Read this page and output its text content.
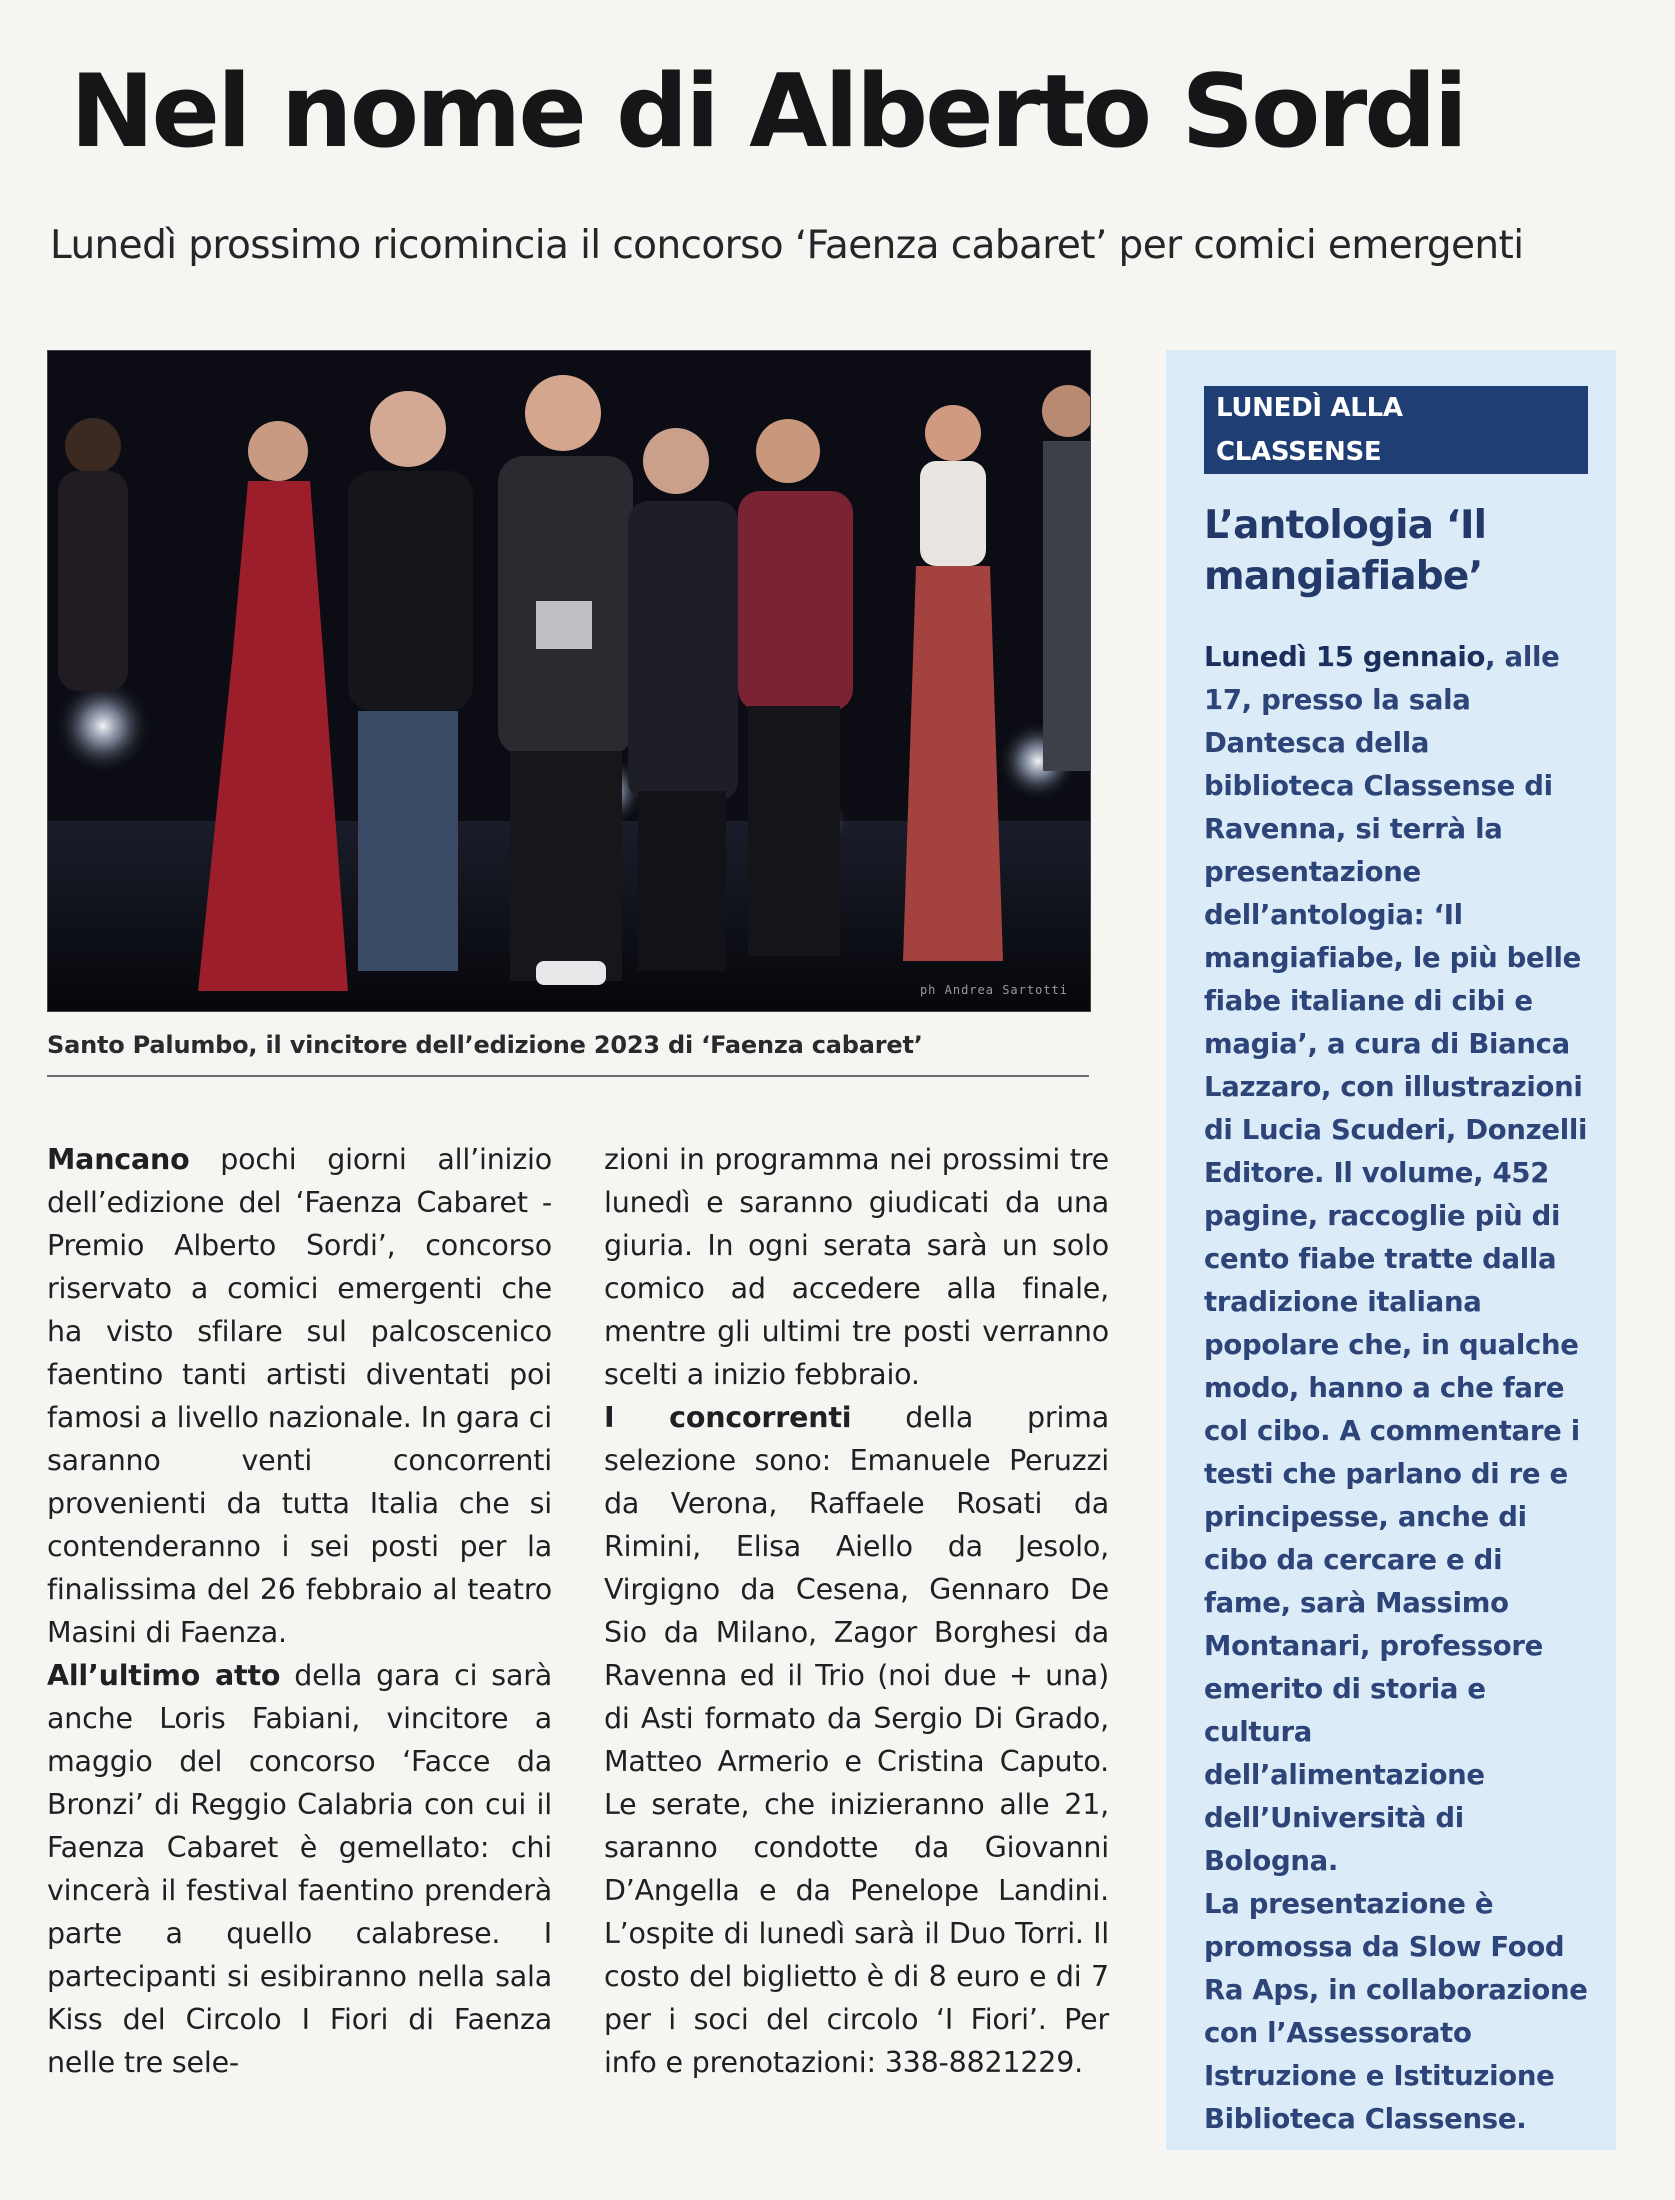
Nel nome di Alberto Sordi
Lunedì prossimo ricomincia il concorso ‘Faenza cabaret’ per comici emergenti
ph Andrea Sartotti

Santo Palumbo, il vincitore dell’edizione 2023 di ‘Faenza cabaret’

Mancano pochi giorni all’inizio dell’edizione del ‘Faenza Cabaret - Premio Alberto Sordi’, concorso riservato a comici emergenti che ha visto sfilare sul palcoscenico faentino tanti artisti diventati poi famosi a livello nazionale. In gara ci saranno venti concorrenti provenienti da tutta Italia che si contenderanno i sei posti per la finalissima del 26 febbraio al teatro Masini di Faenza.

All’ultimo atto della gara ci sarà anche Loris Fabiani, vincitore a maggio del concorso ‘Facce da Bronzi’ di Reggio Calabria con cui il Faenza Cabaret è gemellato: chi vincerà il festival faentino prenderà parte a quello calabrese. I partecipanti si esibiranno nella sala Kiss del Circolo I Fiori di Faenza nelle tre sele-

zioni in programma nei prossimi tre lunedì e saranno giudicati da una giuria. In ogni serata sarà un solo comico ad accedere alla finale, mentre gli ultimi tre posti verranno scelti a inizio febbraio.

I concorrenti della prima selezione sono: Emanuele Peruzzi da Verona, Raffaele Rosati da Rimini, Elisa Aiello da Jesolo, Virgigno da Cesena, Gennaro De Sio da Milano, Zagor Borghesi da Ravenna ed il Trio (noi due + una) di Asti formato da Sergio Di Grado, Matteo Armerio e Cristina Caputo. Le serate, che inizieranno alle 21, saranno condotte da Giovanni D’Angella e da Penelope Landini. L’ospite di lunedì sarà il Duo Torri. Il costo del biglietto è di 8 euro e di 7 per i soci del circolo ‘I Fiori’. Per info e prenotazioni: 338-8821229.

LUNEDÌ ALLA CLASSENSE
L’antologia ‘Il mangiafiabe’

Lunedì 15 gennaio, alle 17, presso la sala Dantesca della biblioteca Classense di Ravenna, si terrà la presentazione dell’antologia: ‘Il mangiafiabe, le più belle fiabe italiane di cibi e magia’, a cura di Bianca Lazzaro, con illustrazioni di Lucia Scuderi, Donzelli Editore. Il volume, 452 pagine, raccoglie più di cento fiabe tratte dalla tradizione italiana popolare che, in qualche modo, hanno a che fare col cibo. A commentare i testi che parlano di re e principesse, anche di cibo da cercare e di fame, sarà Massimo Montanari, professore emerito di storia e cultura dell’alimentazione dell’Università di Bologna.

La presentazione è promossa da Slow Food Ra Aps, in collaborazione con l’Assessorato Istruzione e Istituzione Biblioteca Classense.
